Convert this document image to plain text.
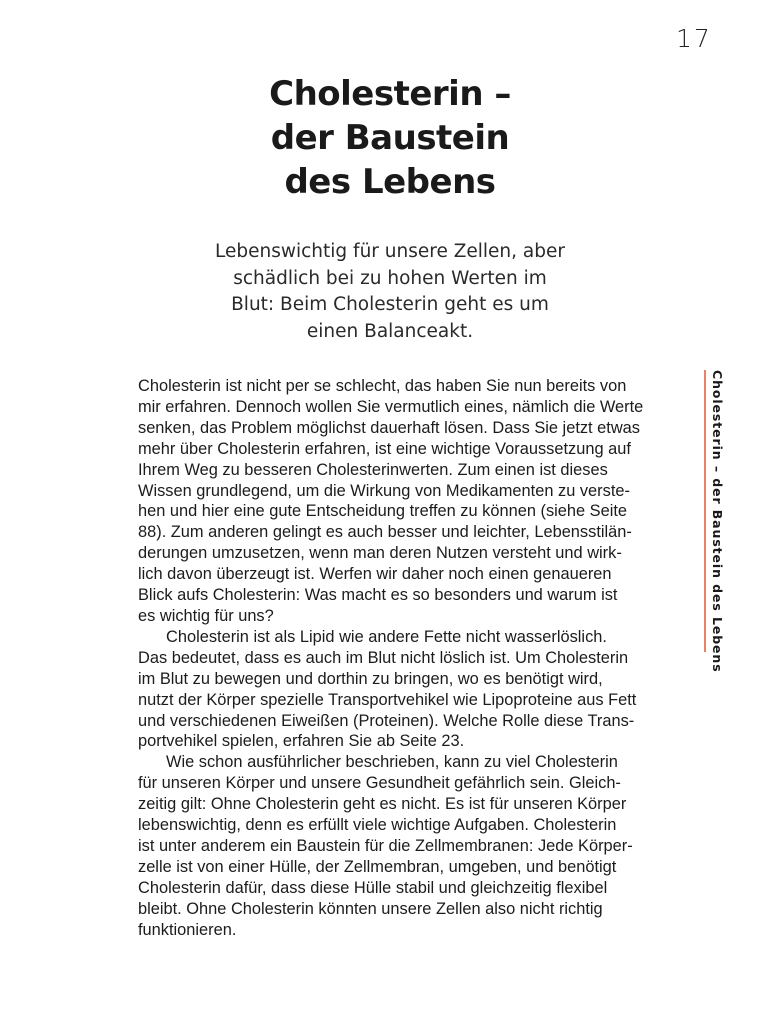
17
Cholesterin –
der Baustein
des Lebens
Lebenswichtig für unsere Zellen, aber
schädlich bei zu hohen Werten im
Blut: Beim Cholesterin geht es um
einen Balanceakt.
Cholesterin – der Baustein des Lebens
Cholesterin ist nicht per se schlecht, das haben Sie nun bereits von
mir erfahren. Dennoch wollen Sie vermutlich eines, nämlich die Werte
senken, das Problem möglichst dauerhaft lösen. Dass Sie jetzt etwas
mehr über Cholesterin erfahren, ist eine wichtige Voraussetzung auf
Ihrem Weg zu besseren Cholesterinwerten. Zum einen ist dieses
Wissen grundlegend, um die Wirkung von Medikamenten zu verste-
hen und hier eine gute Entscheidung treffen zu können (siehe Seite
88). Zum anderen gelingt es auch besser und leichter, Lebensstilän-
derungen umzusetzen, wenn man deren Nutzen versteht und wirk-
lich davon überzeugt ist. Werfen wir daher noch einen genaueren
Blick aufs Cholesterin: Was macht es so besonders und warum ist
es wichtig für uns?
Cholesterin ist als Lipid wie andere Fette nicht wasserlöslich.
Das bedeutet, dass es auch im Blut nicht löslich ist. Um Cholesterin
im Blut zu bewegen und dorthin zu bringen, wo es benötigt wird,
nutzt der Körper spezielle Transportvehikel wie Lipoproteine aus Fett
und verschiedenen Eiweißen (Proteinen). Welche Rolle diese Trans-
portvehikel spielen, erfahren Sie ab Seite 23.
Wie schon ausführlicher beschrieben, kann zu viel Cholesterin
für unseren Körper und unsere Gesundheit gefährlich sein. Gleich-
zeitig gilt: Ohne Cholesterin geht es nicht. Es ist für unseren Körper
lebenswichtig, denn es erfüllt viele wichtige Aufgaben. Cholesterin
ist unter anderem ein Baustein für die Zellmembranen: Jede Körper-
zelle ist von einer Hülle, der Zellmembran, umgeben, und benötigt
Cholesterin dafür, dass diese Hülle stabil und gleichzeitig flexibel
bleibt. Ohne Cholesterin könnten unsere Zellen also nicht richtig
funktionieren.
